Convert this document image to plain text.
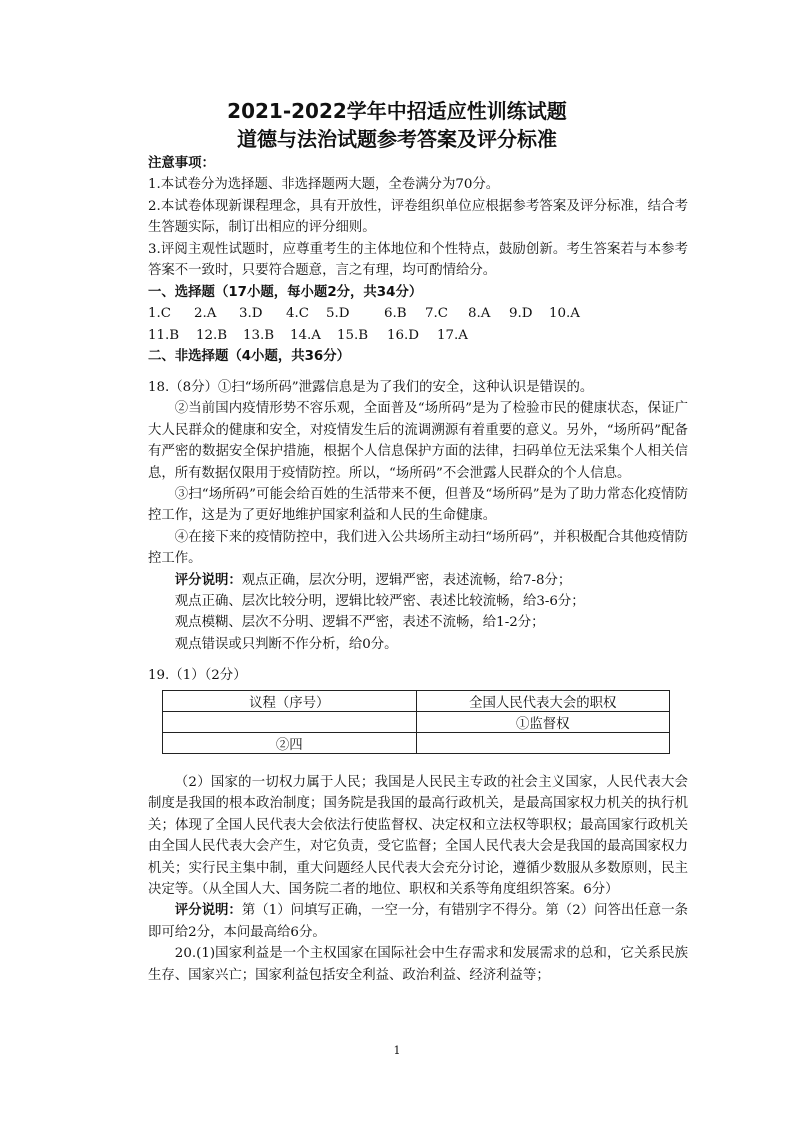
2021-2022学年中招适应性训练试题
道德与法治试题参考答案及评分标准

注意事项：

1.本试卷分为选择题、非选择题两大题，全卷满分为70分。

2.本试卷体现新课程理念，具有开放性，评卷组织单位应根据参考答案及评分标准，结合考生答题实际，制订出相应的评分细则。

3.评阅主观性试题时，应尊重考生的主体地位和个性特点，鼓励创新。考生答案若与本参考答案不一致时，只要符合题意，言之有理，均可酌情给分。

一、选择题（17小题，每小题2分，共34分）

1.C	2.A	3.D	4.C	5.D	6.B	7.C	8.A	9.D	10.A
11.B	12.B	13.B	14.A	15.B	16.D	17.A
二、非选择题（4小题，共36分）

18.（8分）①扫“场所码”泄露信息是为了我们的安全，这种认识是错误的。

②当前国内疫情形势不容乐观，全面普及“场所码”是为了检验市民的健康状态，保证广大人民群众的健康和安全，对疫情发生后的流调溯源有着重要的意义。另外，“场所码”配备有严密的数据安全保护措施，根据个人信息保护方面的法律，扫码单位无法采集个人相关信息，所有数据仅限用于疫情防控。所以，“场所码”不会泄露人民群众的个人信息。

③扫“场所码”可能会给百姓的生活带来不便，但普及“场所码”是为了助力常态化疫情防控工作，这是为了更好地维护国家利益和人民的生命健康。

④在接下来的疫情防控中，我们进入公共场所主动扫“场所码”，并积极配合其他疫情防控工作。

评分说明：观点正确，层次分明，逻辑严密，表述流畅，给7-8分；

观点正确、层次比较分明，逻辑比较严密、表述比较流畅，给3-6分；

观点模糊、层次不分明、逻辑不严密，表述不流畅，给1-2分；

观点错误或只判断不作分析，给0分。

19.（1）（2分）
议程（序号）	全国人民代表大会的职权
	①监督权
②四	

（2）国家的一切权力属于人民；我国是人民民主专政的社会主义国家，人民代表大会制度是我国的根本政治制度；国务院是我国的最高行政机关，是最高国家权力机关的执行机关；体现了全国人民代表大会依法行使监督权、决定权和立法权等职权；最高国家行政机关由全国人民代表大会产生，对它负责，受它监督；全国人民代表大会是我国的最高国家权力机关；实行民主集中制，重大问题经人民代表大会充分讨论，遵循少数服从多数原则，民主决定等。（从全国人大、国务院二者的地位、职权和关系等角度组织答案。6分）

评分说明：第（1）问填写正确，一空一分，有错别字不得分。第（2）问答出任意一条即可给2分，本问最高给6分。

20.(1)国家利益是一个主权国家在国际社会中生存需求和发展需求的总和，它关系民族生存、国家兴亡；国家利益包括安全利益、政治利益、经济利益等；

1
